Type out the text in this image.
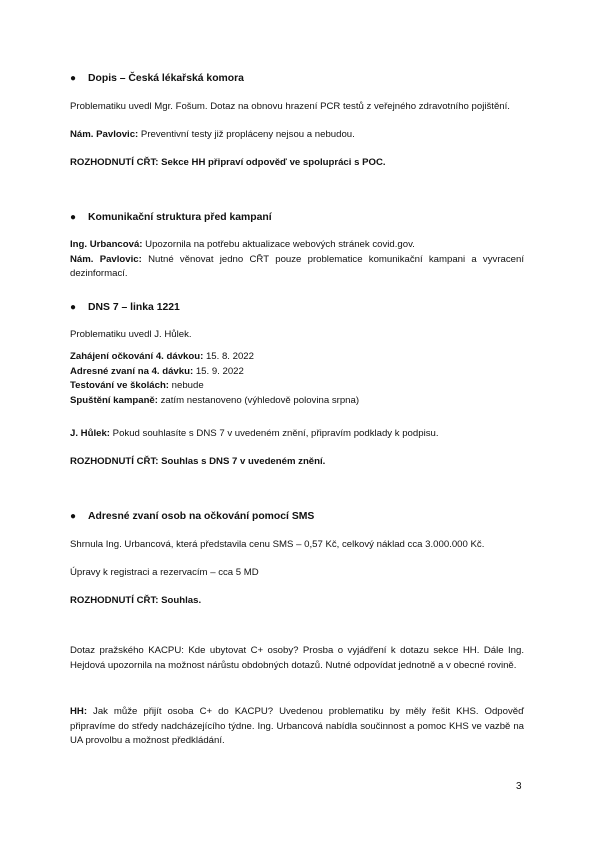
● Dopis – Česká lékařská komora

Problematiku uvedl Mgr. Fošum. Dotaz na obnovu hrazení PCR testů z veřejného zdravotního pojištění.

Nám. Pavlovic: Preventivní testy již propláceny nejsou a nebudou.

ROZHODNUTÍ CŘT: Sekce HH připraví odpověď ve spolupráci s POC.

● Komunikační struktura před kampaní

Ing. Urbancová: Upozornila na potřebu aktualizace webových stránek covid.gov.
Nám. Pavlovic: Nutné věnovat jedno CŘT pouze problematice komunikační kampani a vyvracení dezinformací.

● DNS 7 – linka 1221

Problematiku uvedl J. Hůlek.

Zahájení očkování 4. dávkou: 15. 8. 2022
Adresné zvaní na 4. dávku: 15. 9. 2022
Testování ve školách: nebude
Spuštění kampaně: zatím nestanoveno (výhledově polovina srpna)

J. Hůlek: Pokud souhlasíte s DNS 7 v uvedeném znění, připravím podklady k podpisu.

ROZHODNUTÍ CŘT: Souhlas s DNS 7 v uvedeném znění.

● Adresné zvaní osob na očkování pomocí SMS

Shrnula Ing. Urbancová, která představila cenu SMS – 0,57 Kč, celkový náklad cca 3.000.000 Kč.

Úpravy k registraci a rezervacím – cca 5 MD

ROZHODNUTÍ CŘT: Souhlas.

Dotaz pražského KACPU: Kde ubytovat C+ osoby? Prosba o vyjádření k dotazu sekce HH. Dále Ing. Hejdová upozornila na možnost nárůstu obdobných dotazů. Nutné odpovídat jednotně a v obecné rovině.

HH: Jak může přijít osoba C+ do KACPU? Uvedenou problematiku by měly řešit KHS. Odpověď připravíme do středy nadcházejícího týdne. Ing. Urbancová nabídla součinnost a pomoc KHS ve vazbě na UA provolbu a možnost předkládání.

3
